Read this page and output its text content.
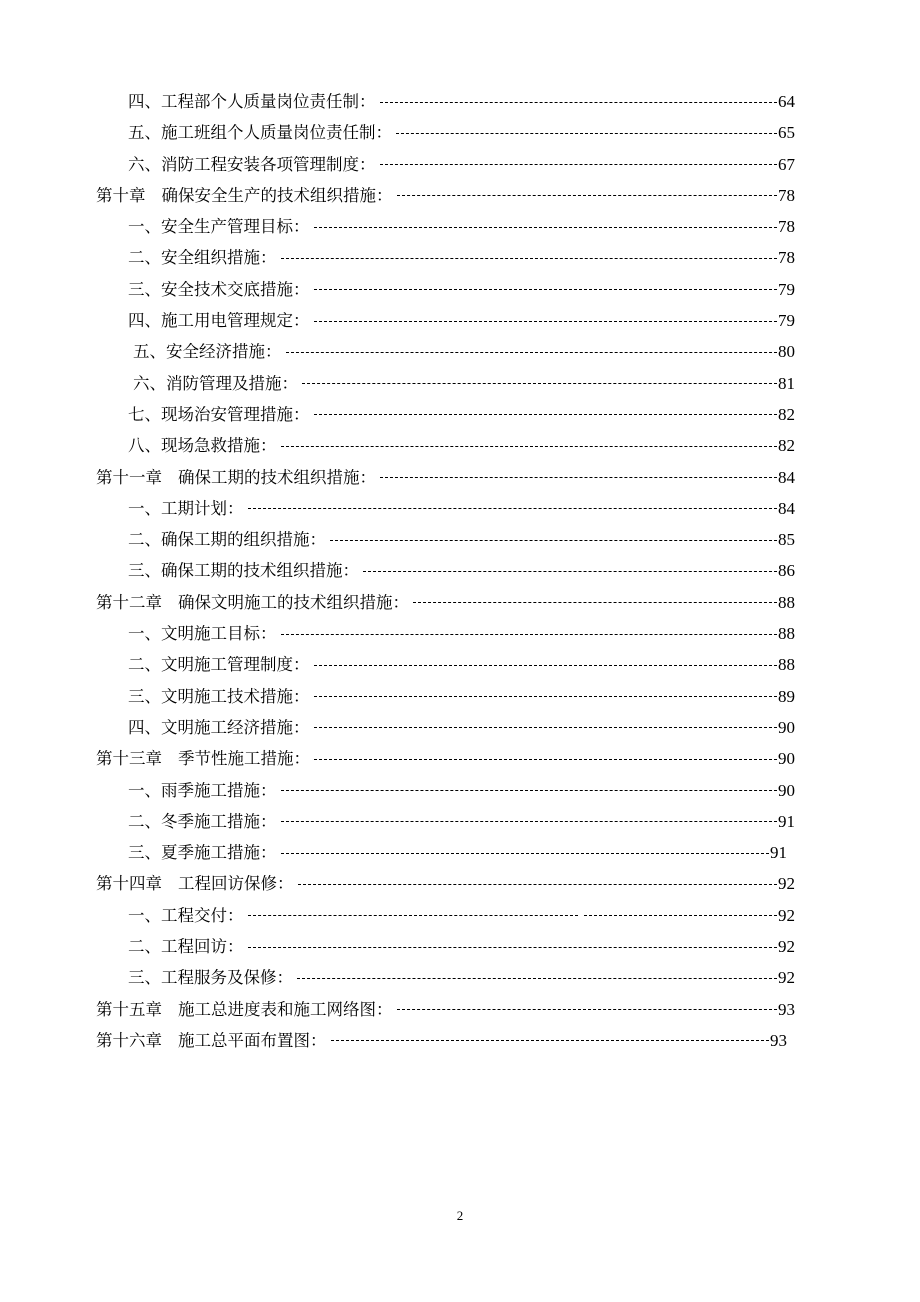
四、工程部个人质量岗位责任制：	64
五、施工班组个人质量岗位责任制：	65
六、消防工程安装各项管理制度：	67
第十章 确保安全生产的技术组织措施：	78
一、安全生产管理目标：	78
二、安全组织措施：	78
三、安全技术交底措施：	79
四、施工用电管理规定：	79
五、安全经济措施：	80
六、消防管理及措施：	81
七、现场治安管理措施：	82
八、现场急救措施：	82
第十一章 确保工期的技术组织措施：	84
一、工期计划：	84
二、确保工期的组织措施：	85
三、确保工期的技术组织措施：	86
第十二章 确保文明施工的技术组织措施：	88
一、文明施工目标：	88
二、文明施工管理制度：	88
三、文明施工技术措施：	89
四、文明施工经济措施：	90
第十三章 季节性施工措施：	90
一、雨季施工措施：	90
二、冬季施工措施：	91
三、夏季施工措施：	91
第十四章 工程回访保修：	92
一、工程交付：	92
二、工程回访：	92
三、工程服务及保修：	92
第十五章 施工总进度表和施工网络图：	93
第十六章 施工总平面布置图：	93
2
